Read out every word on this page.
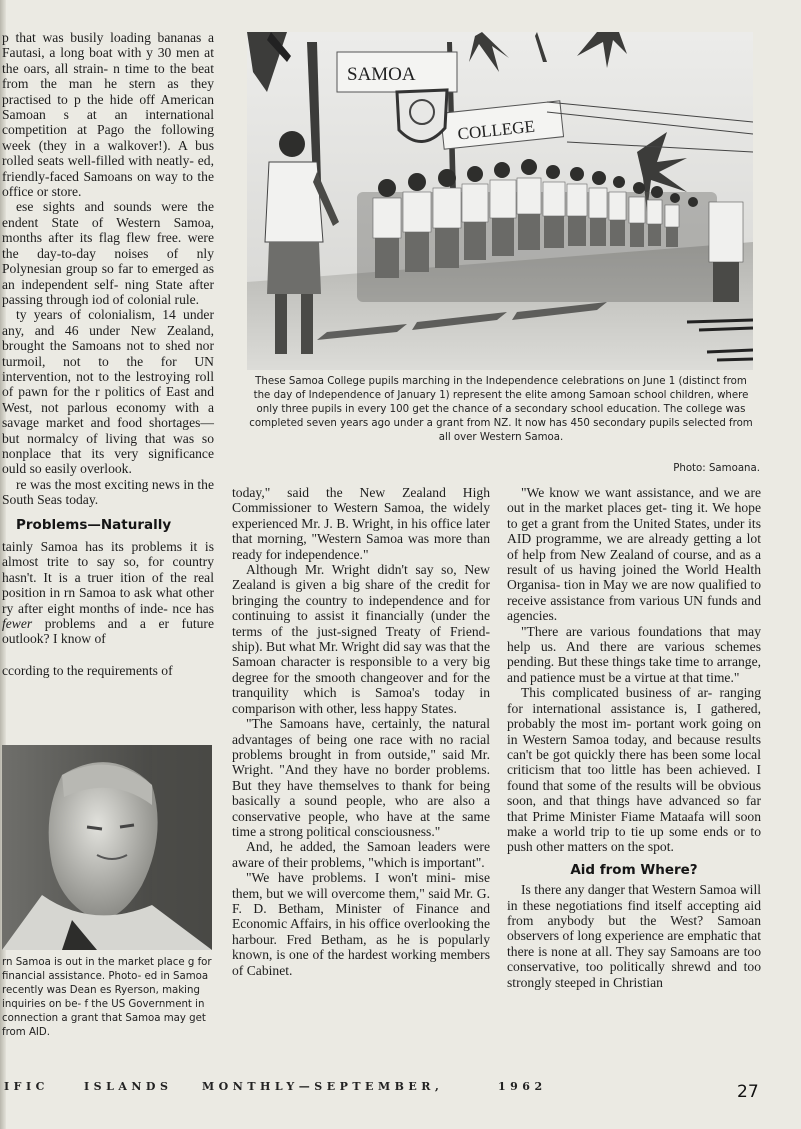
p that was busily loading bananas a Fautasi, a long boat with y 30 men at the oars, all strain- n time to the beat from the man he stern as they practised to p the hide off American Samoan s at an international competition at Pago the following week (they in a walkover!). A bus rolled seats well-filled with neatly- ed, friendly-faced Samoans on way to the office or store.

ese sights and sounds were the endent State of Western Samoa, months after its flag flew free. were the day-to-day noises of nly Polynesian group so far to emerged as an independent self- ning State after passing through iod of colonial rule.

ty years of colonialism, 14 under any, and 46 under New Zealand, brought the Samoans not to shed nor turmoil, not to the for UN intervention, not to the lestroying roll of pawn for the r politics of East and West, not parlous economy with a savage market and food shortages—but normalcy of living that was so nonplace that its very significance ould so easily overlook.

re was the most exciting news in the South Seas today.

Problems—Naturally

tainly Samoa has its problems it is almost trite to say so, for country hasn't. It is a truer ition of the real position in rn Samoa to ask what other ry after eight months of inde- nce has fewer problems and a er future outlook? I know of

ccording to the requirements of

SAMOA
COLLEGE
These Samoa College pupils marching in the Independence celebrations on June 1 (distinct from the day of Independence of January 1) represent the elite among Samoan school children, where only three pupils in every 100 get the chance of a secondary school education. The college was completed seven years ago under a grant from NZ. It now has 450 secondary pupils selected from all over Western Samoa.
Photo: Samoana.

today," said the New Zealand High Commissioner to Western Samoa, the widely experienced Mr. J. B. Wright, in his office later that morning, "Western Samoa was more than ready for independence."

Although Mr. Wright didn't say so, New Zealand is given a big share of the credit for bringing the country to independence and for continuing to assist it financially (under the terms of the just-signed Treaty of Friend- ship). But what Mr. Wright did say was that the Samoan character is responsible to a very big degree for the smooth changeover and for the tranquility which is Samoa's today in comparison with other, less happy States.

"The Samoans have, certainly, the natural advantages of being one race with no racial problems brought in from outside," said Mr. Wright. "And they have no border problems. But they have themselves to thank for being basically a sound people, who are also a conservative people, who have at the same time a strong political consciousness."

And, he added, the Samoan leaders were aware of their problems, "which is important".

"We have problems. I won't mini- mise them, but we will overcome them," said Mr. G. F. D. Betham, Minister of Finance and Economic Affairs, in his office overlooking the harbour. Fred Betham, as he is popularly known, is one of the hardest working members of Cabinet.

"We know we want assistance, and we are out in the market places get- ting it. We hope to get a grant from the United States, under its AID programme, we are already getting a lot of help from New Zealand of course, and as a result of us having joined the World Health Organisa- tion in May we are now qualified to receive assistance from various UN funds and agencies.

"There are various foundations that may help us. And there are various schemes pending. But these things take time to arrange, and patience must be a virtue at that time."

This complicated business of ar- ranging for international assistance is, I gathered, probably the most im- portant work going on in Western Samoa today, and because results can't be got quickly there has been some local criticism that too little has been achieved. I found that some of the results will be obvious soon, and that things have advanced so far that Prime Minister Fiame Mataafa will soon make a world trip to tie up some ends or to push other matters on the spot.

Aid from Where?

Is there any danger that Western Samoa will in these negotiations find itself accepting aid from anybody but the West? Samoan observers of long experience are emphatic that there is none at all. They say Samoans are too conservative, too politically shrewd and too strongly steeped in Christian

rn Samoa is out in the market place g for financial assistance. Photo- ed in Samoa recently was Dean es Ryerson, making inquiries on be- f the US Government in connection a grant that Samoa may get from AID.
IFIC	ISLANDS	MONTHLY—SEPTEMBER,	1962	27
